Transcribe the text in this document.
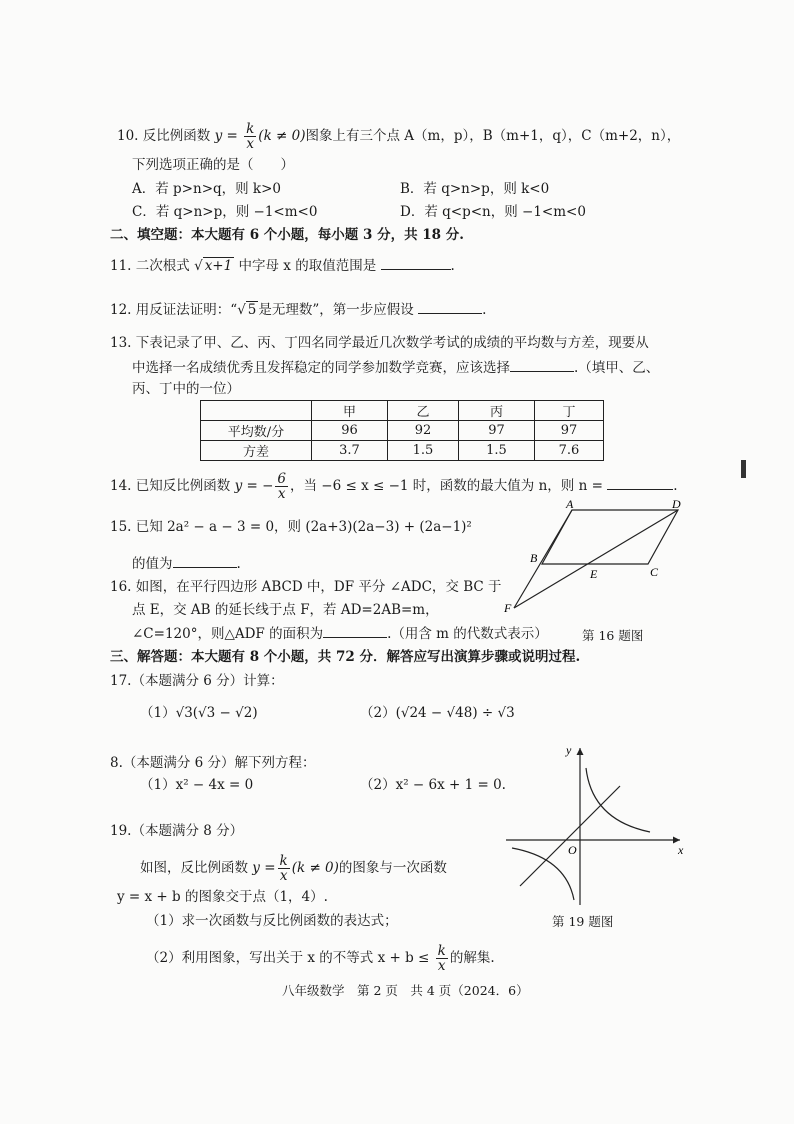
10. 反比例函数 $y = \frac{k}{x} (k \ne 0)$图象上有三个点 A（m，p），B（m+1，q），C（m+2，n），
下列选项正确的是（　　）
A．若 p>n>q，则 k>0	B．若 q>n>p，则 k<0
C．若 q>n>p，则 −1<m<0	D．若 q<p<n，则 −1<m<0
二、填空题：本大题有 6 个小题，每小题 3 分，共 18 分.
11. 二次根式 √ x+1 中字母 x 的取值范围是	.
12. 用反证法证明：“√ 5 是无理数”，第一步应假设	.
13. 下表记录了甲、乙、丙、丁四名同学最近几次数学考试的成绩的平均数与方差，现要从
中选择一名成绩优秀且发挥稳定的同学参加数学竞赛，应该选择	.（填甲、乙、
丙、丁中的一位）
	甲	乙	丙	丁
平均数/分	96	92	97	97
方差	3.7	1.5	1.5	7.6
14. 已知反比例函数 y = − $\frac{6}{x}$ ，当 −6 ≤ x ≤ −1 时，函数的最大值为 n，则 n =	.
15. 已知 2a² − a − 3 = 0，则 (2a+3)(2a−3) + (2a−1)²
的值为	.
16. 如图，在平行四边形 ABCD 中，DF 平分 ∠ADC，交 BC 于
点 E，交 AB 的延长线于点 F，若 AD=2AB=m，
∠C=120°，则△ADF 的面积为	.（用含 m 的代数式表示）	第 16 题图
A	D
B
C
E
F
三、解答题：本大题有 8 个小题，共 72 分．解答应写出演算步骤或说明过程.
17.（本题满分 6 分）计算：
（1）√3(√3 − √2)	（2）(√24 − √48) ÷ √3
8.（本题满分 6 分）解下列方程：
（1）x² − 4x = 0	（2）x² − 6x + 1 = 0.
19.（本题满分 8 分）
如图，反比例函数 $y = \frac{k}{x} (k \ne 0)$的图象与一次函数
y = x + b 的图象交于点（1，4）.
（1）求一次函数与反比例函数的表达式；
（2）利用图象，写出关于 x 的不等式 $x + b \le \frac{k}{x}$ 的解集.
第 19 题图
y
x
O
八年级数学　第 2 页　共 4 页（2024．6）
